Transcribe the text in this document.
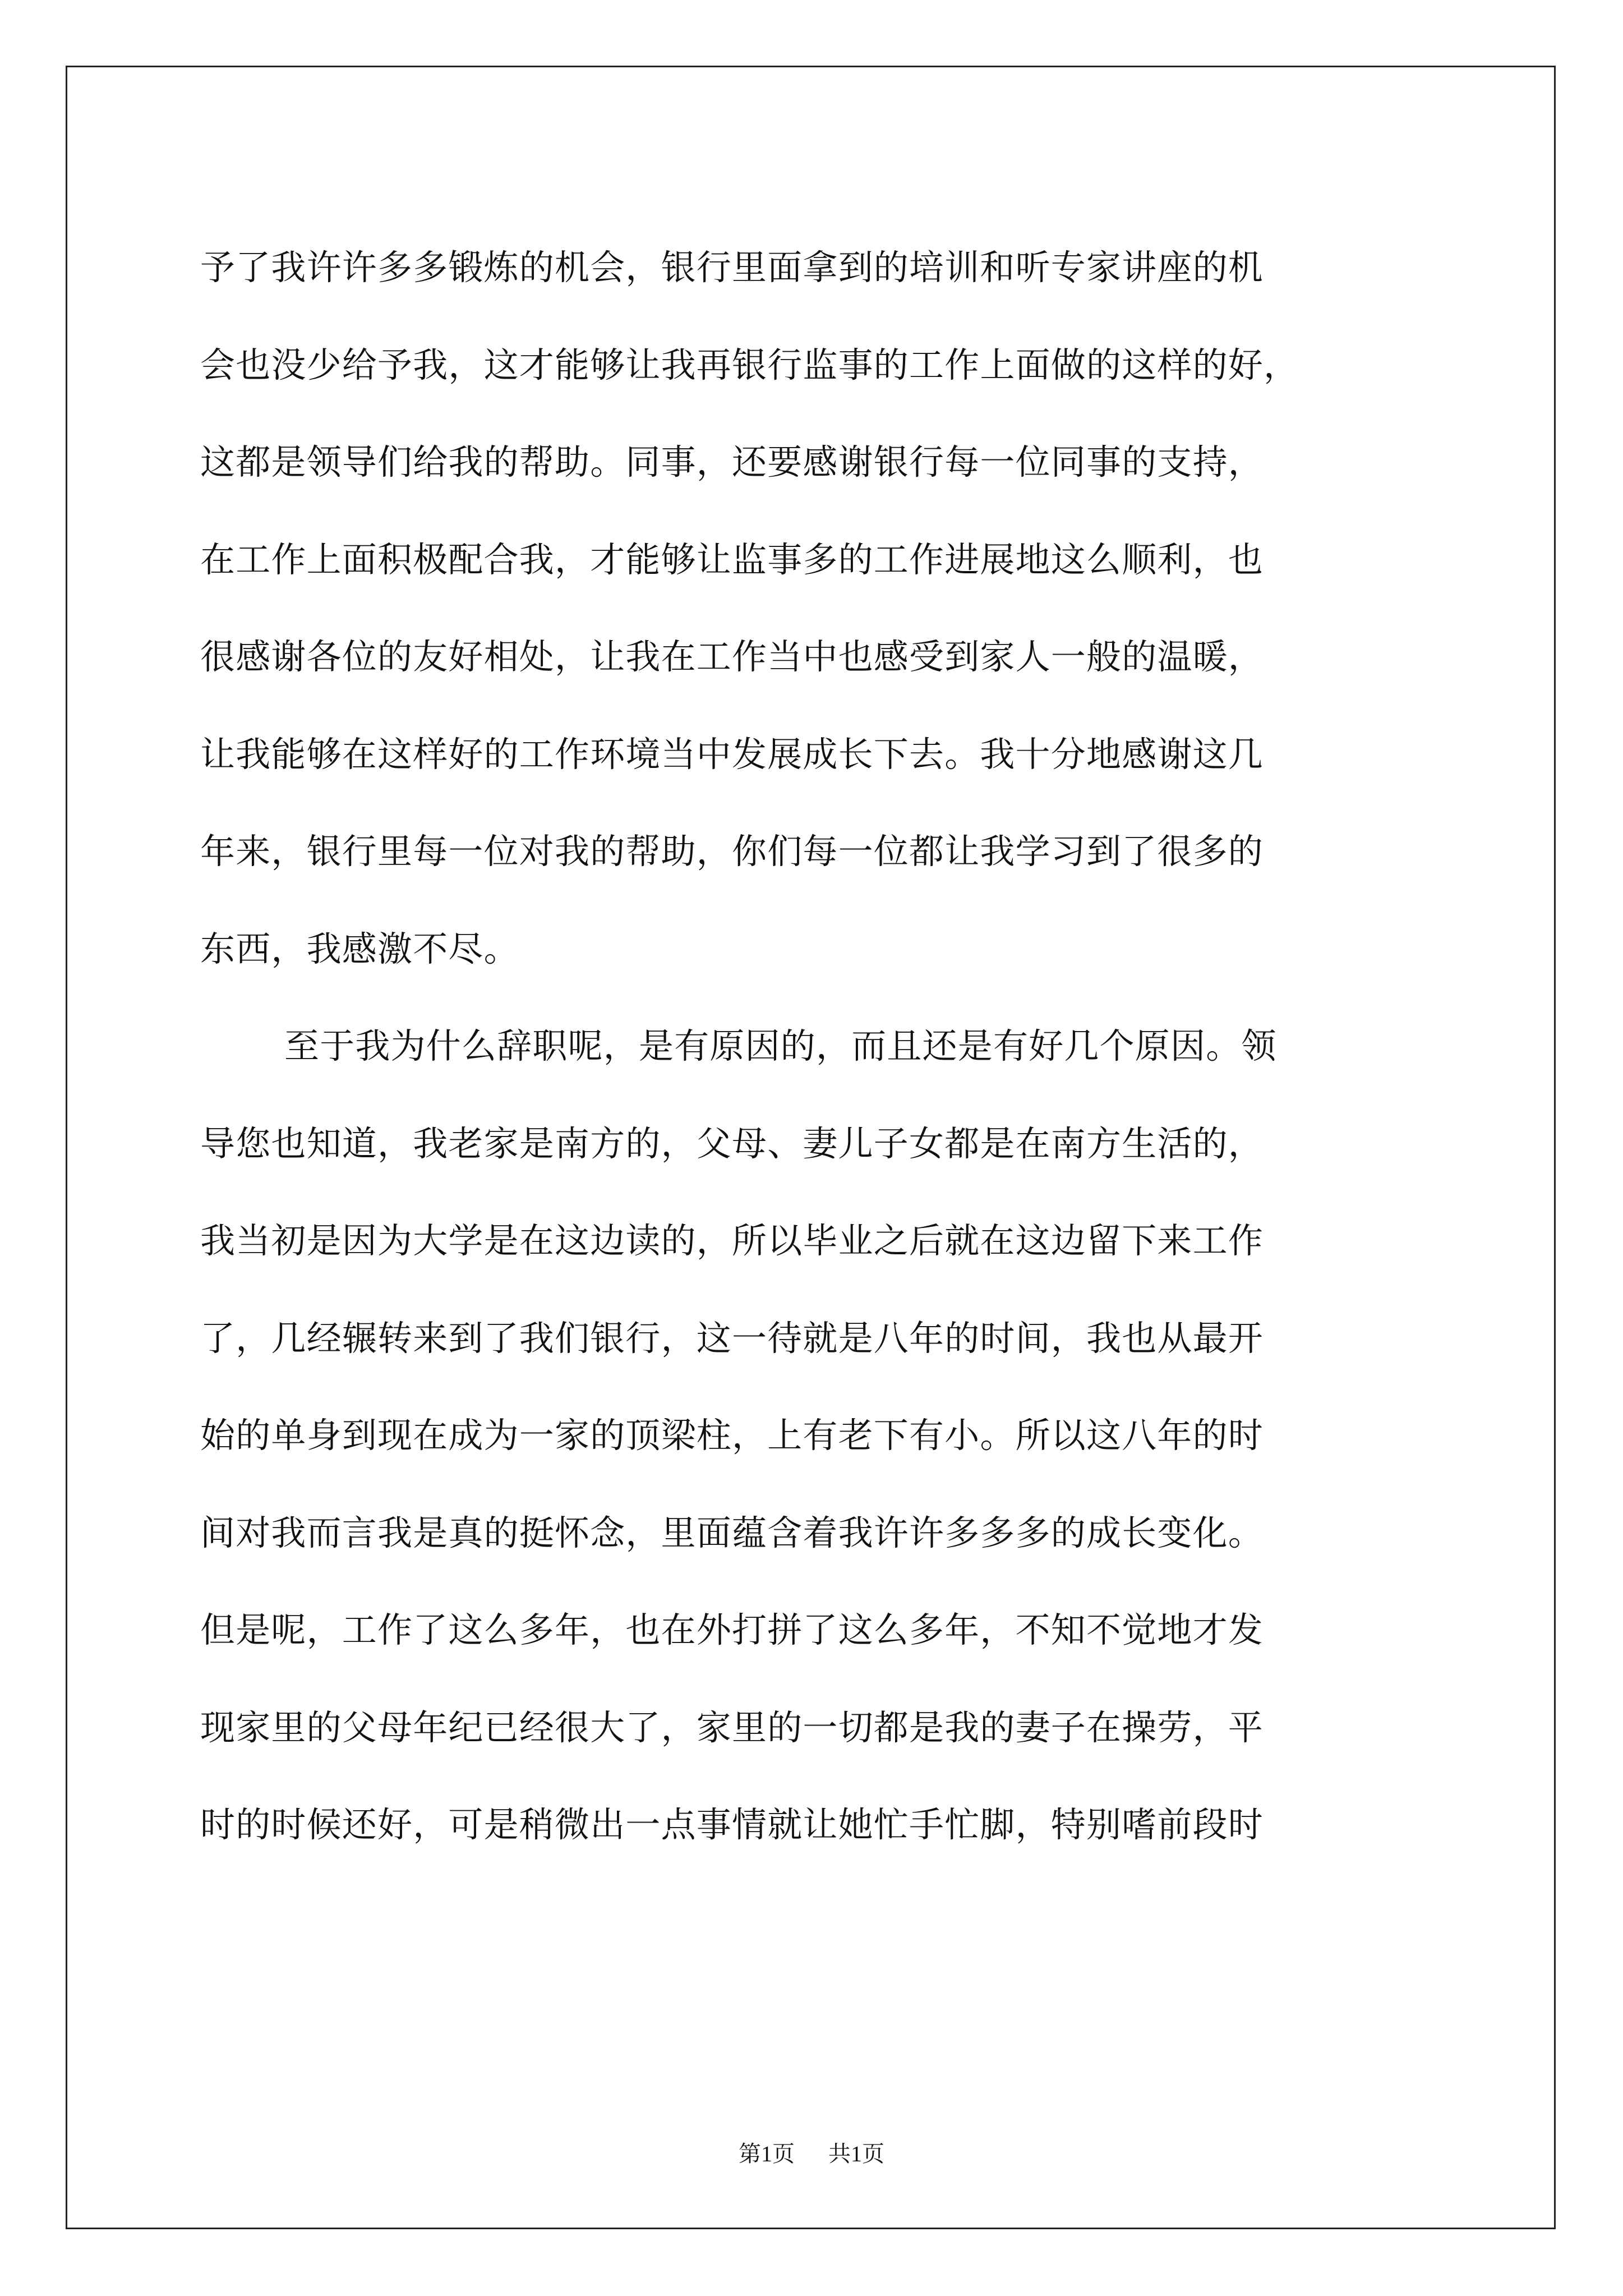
予了我许许多多锻炼的机会，银行里面拿到的培训和听专家讲座的机
会也没少给予我，这才能够让我再银行监事的工作上面做的这样的好，
这都是领导们给我的帮助。同事，还要感谢银行每一位同事的支持，
在工作上面积极配合我，才能够让监事多的工作进展地这么顺利，也
很感谢各位的友好相处，让我在工作当中也感受到家人一般的温暖，
让我能够在这样好的工作环境当中发展成长下去。我十分地感谢这几
年来，银行里每一位对我的帮助，你们每一位都让我学习到了很多的
东西，我感激不尽。
至于我为什么辞职呢，是有原因的，而且还是有好几个原因。领
导您也知道，我老家是南方的，父母、妻儿子女都是在南方生活的，
我当初是因为大学是在这边读的，所以毕业之后就在这边留下来工作
了，几经辗转来到了我们银行，这一待就是八年的时间，我也从最开
始的单身到现在成为一家的顶梁柱，上有老下有小。所以这八年的时
间对我而言我是真的挺怀念，里面蕴含着我许许多多多的成长变化。
但是呢，工作了这么多年，也在外打拼了这么多年，不知不觉地才发
现家里的父母年纪已经很大了，家里的一切都是我的妻子在操劳，平
时的时候还好，可是稍微出一点事情就让她忙手忙脚，特别嗜前段时
第1页 共1页
